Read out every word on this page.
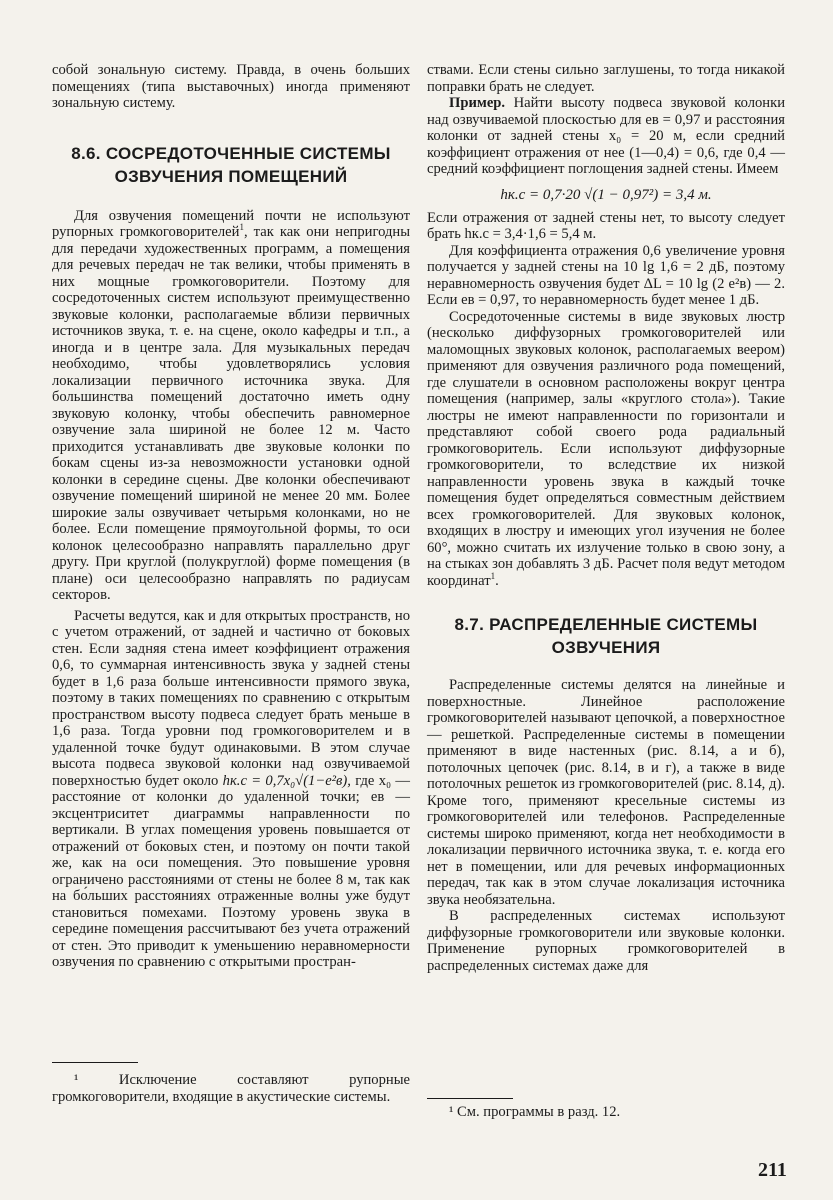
собой зональную систему. Правда, в очень больших помещениях (типа выставочных) иногда применяют зональную систему.

8.6. СОСРЕДОТОЧЕННЫЕ СИСТЕМЫ
ОЗВУЧЕНИЯ ПОМЕЩЕНИЙ

Для озвучения помещений почти не используют рупорных громкоговорителей$^1$, так как они непригодны для передачи художественных программ, а помещения для речевых передач не так велики, чтобы применять в них мощные громкоговорители. Поэтому для сосредоточенных систем используют преимущественно звуковые колонки, располагаемые вблизи первичных источников звука, т. е. на сцене, около кафедры и т.п., а иногда и в центре зала. Для музыкальных передач необходимо, чтобы удовлетворялись условия локализации первичного источника звука. Для большинства помещений достаточно иметь одну звуковую колонку, чтобы обеспечить равномерное озвучение зала шириной не более 12 м. Часто приходится устанавливать две звуковые колонки по бокам сцены из-за невозможности установки одной колонки в середине сцены. Две колонки обеспечивают озвучение помещений шириной не менее 20 мм. Более широкие залы озвучивает четырьмя колонками, но не более. Если помещение прямоугольной формы, то оси колонок целесообразно направлять параллельно друг другу. При круглой (полукруглой) форме помещения (в плане) оси целесообразно направлять по радиусам секторов.

Расчеты ведутся, как и для открытых пространств, но с учетом отражений, от задней и частично от боковых стен. Если задняя стена имеет коэффициент отражения 0,6, то суммарная интенсивность звука у задней стены будет в 1,6 раза больше интенсивности прямого звука, поэтому в таких помещениях по сравнению с открытым пространством высоту подвеса следует брать меньше в 1,6 раза. Тогда уровни под громкоговорителем и в удаленной точке будут одинаковыми. В этом случае высота подвеса звуковой колонки над озвучиваемой поверхностью будет около hк.с = 0,7x₀√(1−e²в), где x₀ — расстояние от колонки до удаленной точки; eв — эксцентриситет диаграммы направленности по вертикали. В углах помещения уровень повышается от отражений от боковых стен, и поэтому он почти такой же, как на оси помещения. Это повышение уровня ограничено расстояниями от стены не более 8 м, так как на бо́льших расстояниях отраженные волны уже будут становиться помехами. Поэтому уровень звука в середине помещения рассчитывают без учета отражений от стен. Это приводит к уменьшению неравномерности озвучения по сравнению с открытыми простран-

¹ Исключение составляют рупорные громкоговорители, входящие в акустические системы.

ствами. Если стены сильно заглушены, то тогда никакой поправки брать не следует.

Пример. Найти высоту подвеса звуковой колонки над озвучиваемой плоскостью для eв = 0,97 и расстояния колонки от задней стены x₀ = 20 м, если средний коэффициент отражения от нее (1—0,4) = 0,6, где 0,4 — средний коэффициент поглощения задней стены. Имеем

hк.с = 0,7·20 √(1 − 0,97²) = 3,4 м.

Если отражения от задней стены нет, то высоту следует брать hк.с = 3,4·1,6 = 5,4 м.

Для коэффициента отражения 0,6 увеличение уровня получается у задней стены на 10 lg 1,6 = 2 дБ, поэтому неравномерность озвучения будет ΔL = 10 lg (2 e²в) — 2. Если eв = 0,97, то неравномерность будет менее 1 дБ.

Сосредоточенные системы в виде звуковых люстр (несколько диффузорных громкоговорителей или маломощных звуковых колонок, располагаемых веером) применяют для озвучения различного рода помещений, где слушатели в основном расположены вокруг центра помещения (например, залы «круглого стола»). Такие люстры не имеют направленности по горизонтали и представляют собой своего рода радиальный громкоговоритель. Если используют диффузорные громкоговорители, то вследствие их низкой направленности уровень звука в каждый точке помещения будет определяться совместным действием всех громкоговорителей. Для звуковых колонок, входящих в люстру и имеющих угол изучения не более 60°, можно считать их излучение только в свою зону, а на стыках зон добавлять 3 дБ. Расчет поля ведут методом координат$^1$.

8.7. РАСПРЕДЕЛЕННЫЕ СИСТЕМЫ
ОЗВУЧЕНИЯ

Распределенные системы делятся на линейные и поверхностные. Линейное расположение громкоговорителей называют цепочкой, а поверхностное — решеткой. Распределенные системы в помещении применяют в виде настенных (рис. 8.14, а и б), потолочных цепочек (рис. 8.14, в и г), а также в виде потолочных решеток из громкоговорителей (рис. 8.14, д). Кроме того, применяют кресельные системы из громкоговорителей или телефонов. Распределенные системы широко применяют, когда нет необходимости в локализации первичного источника звука, т. е. когда его нет в помещении, или для речевых информационных передач, так как в этом случае локализация источника звука необязательна.

В распределенных системах используют диффузорные громкоговорители или звуковые колонки. Применение рупорных громкоговорителей в распределенных системах даже для

¹ См. программы в разд. 12.

211
